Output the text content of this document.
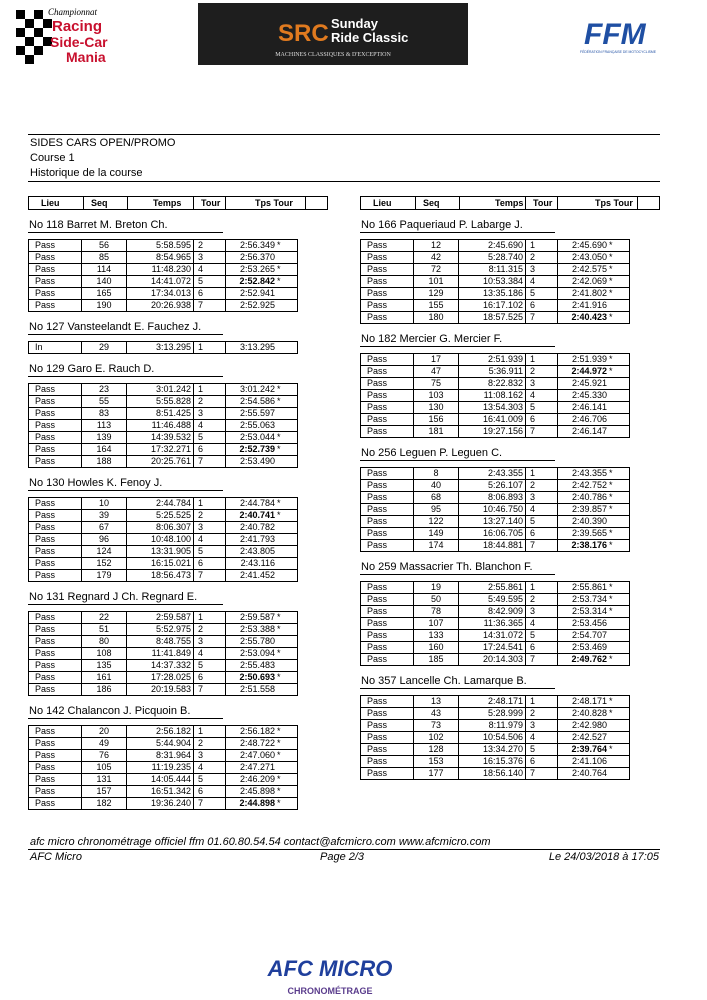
Championnat
Racing
Side-Car
Mania
SRC Sunday
Ride Classic
MACHINES CLASSIQUES & D'EXCEPTION
FFM
FÉDÉRATION FRANÇAISE DE MOTOCYCLISME
SIDES CARS OPEN/PROMO
Course 1
Historique de la course
Lieu	Seq	Temps Tour	Tps Tour
No 118 Barret M. Breton Ch.
Pass	56	5:58.595	2	2:56.349	*
Pass	85	8:54.965	3	2:56.370	
Pass	114	11:48.230	4	2:53.265	*
Pass	140	14:41.072	5	2:52.842	*
Pass	165	17:34.013	6	2:52.941	
Pass	190	20:26.938	7	2:52.925	
No 127 Vansteelandt E. Fauchez J.
In	29	3:13.295	1	3:13.295	
No 129 Garo E. Rauch D.
Pass	23	3:01.242	1	3:01.242	*
Pass	55	5:55.828	2	2:54.586	*
Pass	83	8:51.425	3	2:55.597	
Pass	113	11:46.488	4	2:55.063	
Pass	139	14:39.532	5	2:53.044	*
Pass	164	17:32.271	6	2:52.739	*
Pass	188	20:25.761	7	2:53.490	
No 130 Howles K. Fenoy J.
Pass	10	2:44.784	1	2:44.784	*
Pass	39	5:25.525	2	2:40.741	*
Pass	67	8:06.307	3	2:40.782	
Pass	96	10:48.100	4	2:41.793	
Pass	124	13:31.905	5	2:43.805	
Pass	152	16:15.021	6	2:43.116	
Pass	179	18:56.473	7	2:41.452	
No 131 Regnard J Ch. Regnard E.
Pass	22	2:59.587	1	2:59.587	*
Pass	51	5:52.975	2	2:53.388	*
Pass	80	8:48.755	3	2:55.780	
Pass	108	11:41.849	4	2:53.094	*
Pass	135	14:37.332	5	2:55.483	
Pass	161	17:28.025	6	2:50.693	*
Pass	186	20:19.583	7	2:51.558	
No 142 Chalancon J. Picquoin B.
Pass	20	2:56.182	1	2:56.182	*
Pass	49	5:44.904	2	2:48.722	*
Pass	76	8:31.964	3	2:47.060	*
Pass	105	11:19.235	4	2:47.271	
Pass	131	14:05.444	5	2:46.209	*
Pass	157	16:51.342	6	2:45.898	*
Pass	182	19:36.240	7	2:44.898	*
Lieu	Seq	Temps Tour	Tps Tour
No 166 Paqueriaud P. Labarge J.
Pass	12	2:45.690	1	2:45.690	*
Pass	42	5:28.740	2	2:43.050	*
Pass	72	8:11.315	3	2:42.575	*
Pass	101	10:53.384	4	2:42.069	*
Pass	129	13:35.186	5	2:41.802	*
Pass	155	16:17.102	6	2:41.916	
Pass	180	18:57.525	7	2:40.423	*
No 182 Mercier G. Mercier F.
Pass	17	2:51.939	1	2:51.939	*
Pass	47	5:36.911	2	2:44.972	*
Pass	75	8:22.832	3	2:45.921	
Pass	103	11:08.162	4	2:45.330	
Pass	130	13:54.303	5	2:46.141	
Pass	156	16:41.009	6	2:46.706	
Pass	181	19:27.156	7	2:46.147	
No 256 Leguen P. Leguen C.
Pass	8	2:43.355	1	2:43.355	*
Pass	40	5:26.107	2	2:42.752	*
Pass	68	8:06.893	3	2:40.786	*
Pass	95	10:46.750	4	2:39.857	*
Pass	122	13:27.140	5	2:40.390	
Pass	149	16:06.705	6	2:39.565	*
Pass	174	18:44.881	7	2:38.176	*
No 259 Massacrier Th. Blanchon F.
Pass	19	2:55.861	1	2:55.861	*
Pass	50	5:49.595	2	2:53.734	*
Pass	78	8:42.909	3	2:53.314	*
Pass	107	11:36.365	4	2:53.456	
Pass	133	14:31.072	5	2:54.707	
Pass	160	17:24.541	6	2:53.469	
Pass	185	20:14.303	7	2:49.762	*
No 357 Lancelle Ch. Lamarque B.
Pass	13	2:48.171	1	2:48.171	*
Pass	43	5:28.999	2	2:40.828	*
Pass	73	8:11.979	3	2:42.980	
Pass	102	10:54.506	4	2:42.527	
Pass	128	13:34.270	5	2:39.764	*
Pass	153	16:15.376	6	2:41.106	
Pass	177	18:56.140	7	2:40.764	
afc micro chronométrage officiel ffm 01.60.80.54.54 contact@afcmicro.com www.afcmicro.com
AFC Micro	Page 2/3	Le 24/03/2018 à 17:05
AFC MICRO
CHRONOMÉTRAGE
